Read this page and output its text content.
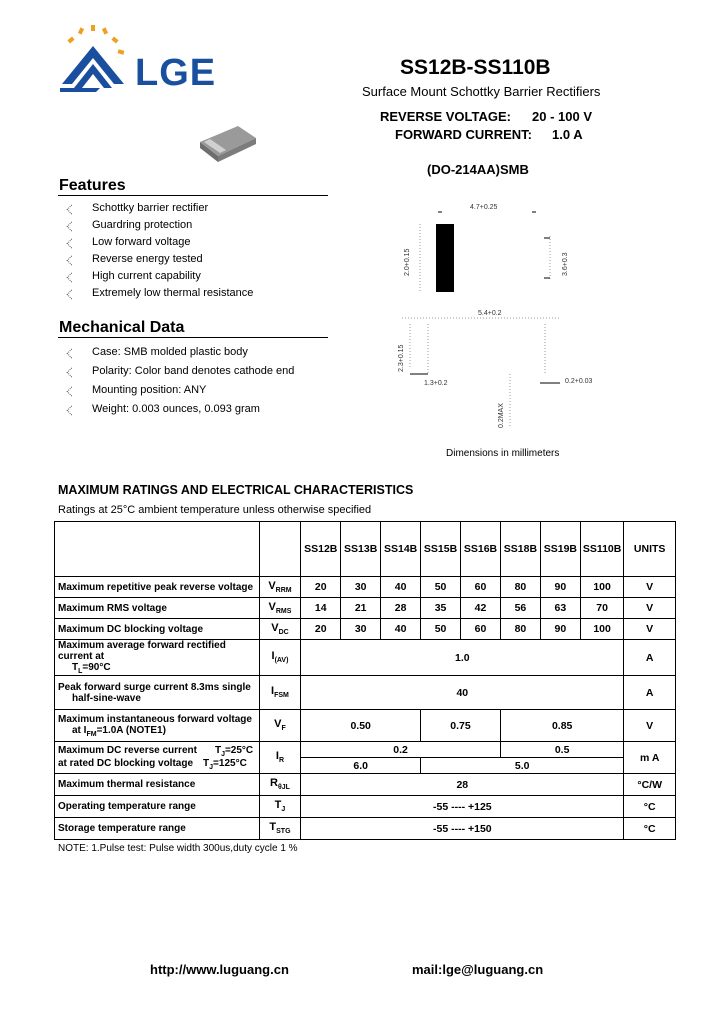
LGE	SS12B-SS110B
Surface Mount Schottky Barrier Rectifiers
REVERSE VOLTAGE: 20 - 100 V
FORWARD CURRENT: 1.0 A
(DO-214AA)SMB
Features
Schottky barrier rectifier
Guardring protection
Low forward voltage
Reverse energy tested
High current capability
Extremely low thermal resistance
Mechanical Data
Case: SMB molded plastic body
Polarity: Color band denotes cathode end
Mounting position: ANY
Weight: 0.003 ounces, 0.093 gram
4.7+0.25
2.0+0.15	3.6+0.3
5.4+0.2
2.3+0.15
1.3+0.2	0.2+0.03
0.2MAX
Dimensions in millimeters
MAXIMUM RATINGS AND ELECTRICAL CHARACTERISTICS
Ratings at 25°C ambient temperature unless otherwise specified
		SS12B	SS13B	SS14B	SS15B	SS16B	SS18B	SS19B	SS110B	UNITS
Maximum repetitive peak reverse voltage	$V_{RRM}$	20	30	40	50	60	80	90	100	V
Maximum RMS voltage	$V_{RMS}$	14	21	28	35	42	56	63	70	V
Maximum DC blocking voltage	$V_{DC}$	20	30	40	50	60	80	90	100	V

Maximum average forward rectified current at
$T_L=90^\circ C$	$I_{(AV)}$	1.0								A

Peak forward surge current 8.3ms single
half-sine-wave	$I_{FSM}$	40								A

Maximum instantaneous forward voltage
at $I_{FM}=1.0A$ (NOTE1)	$V_F$	0.50			0.75		0.85			V

Maximum DC reverse current $T_J=25^\circ C$
at rated DC blocking voltage $T_J=125^\circ C$	$I_R$	0.2					0.5			m A
		6.0			5.0					
Maximum thermal resistance	$R_{\theta JL}$	28								°C/W
Operating temperature range	$T_J$	-55 ---- +125								°C
Storage temperature range	$T_{STG}$	-55 ---- +150								°C
NOTE: 1.Pulse test: Pulse width 300us,duty cycle 1 %
http://www.luguang.cn	mail:lge@luguang.cn
